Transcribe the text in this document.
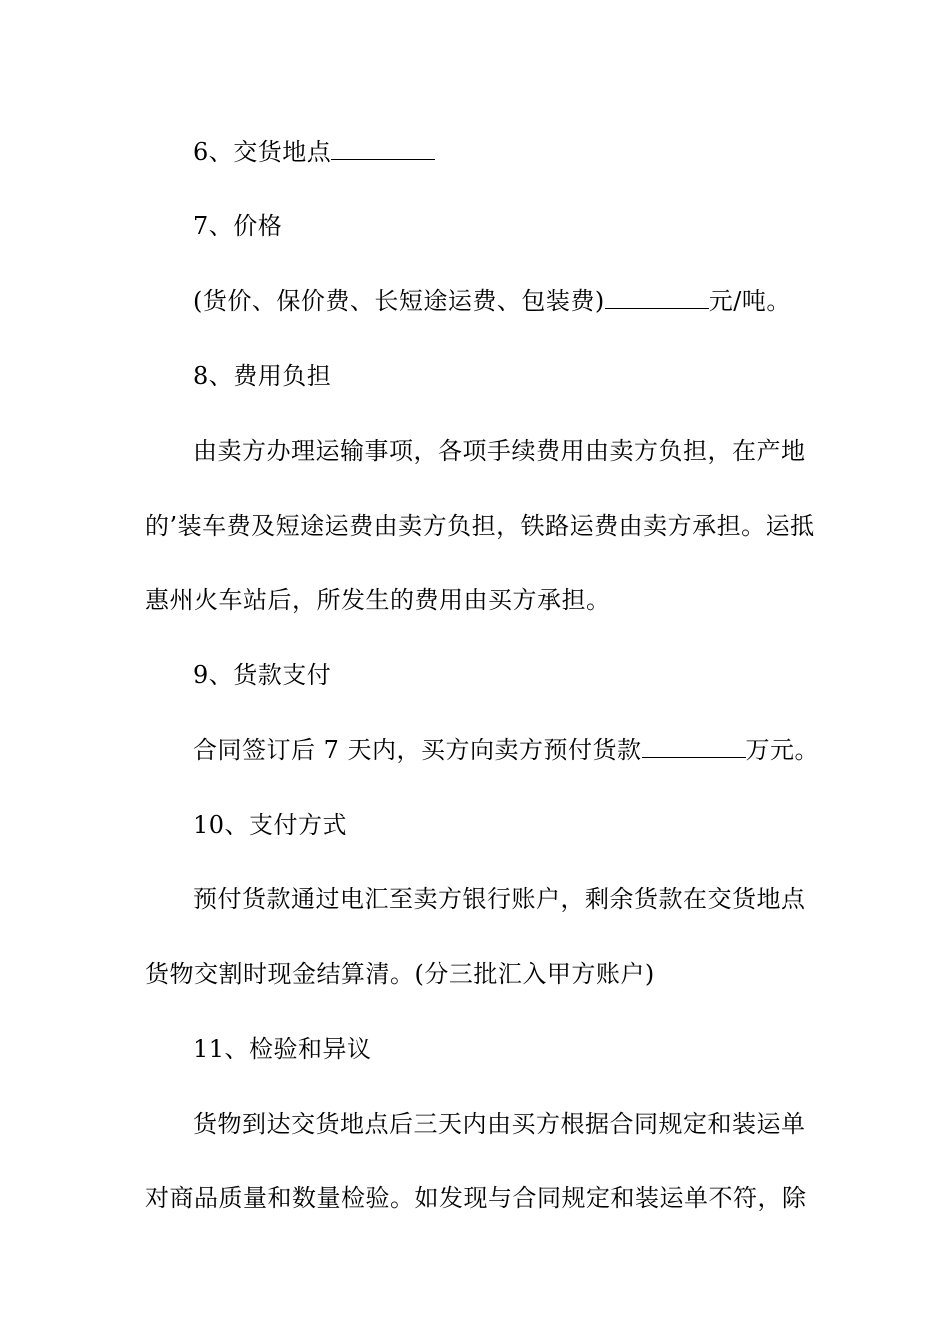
6、交货地点
7、价格
(货价、保价费、长短途运费、包装费)	元/吨。
8、费用负担
由卖方办理运输事项，各项手续费用由卖方负担，在产地
的’装车费及短途运费由卖方负担，铁路运费由卖方承担。运抵
惠州火车站后，所发生的费用由买方承担。
9、货款支付
合同签订后 7 天内，买方向卖方预付货款	万元。
10、支付方式
预付货款通过电汇至卖方银行账户，剩余货款在交货地点
货物交割时现金结算清。(分三批汇入甲方账户)
11、检验和异议
货物到达交货地点后三天内由买方根据合同规定和装运单
对商品质量和数量检验。如发现与合同规定和装运单不符，除
